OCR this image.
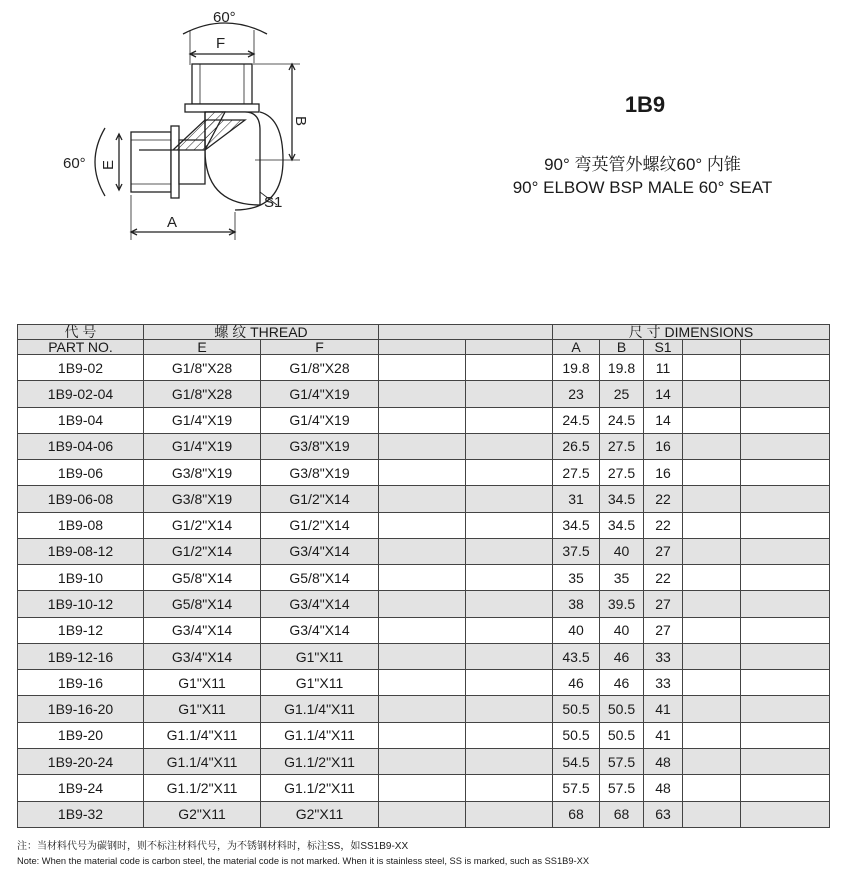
60°
F
B
60° E
A
S1
1B9
90° 弯英管外螺纹60° 内锥
90° ELBOW BSP MALE 60° SEAT
代 号	螺 纹 THREAD				尺 寸 DIMENSIONS				
PART NO.	E	F			A	B	S1		
1B9-02	G1/8"X28	G1/8"X28			19.8	19.8	11		
1B9-02-04	G1/8"X28	G1/4"X19			23	25	14		
1B9-04	G1/4"X19	G1/4"X19			24.5	24.5	14		
1B9-04-06	G1/4"X19	G3/8"X19			26.5	27.5	16		
1B9-06	G3/8"X19	G3/8"X19			27.5	27.5	16		
1B9-06-08	G3/8"X19	G1/2"X14			31	34.5	22		
1B9-08	G1/2"X14	G1/2"X14			34.5	34.5	22		
1B9-08-12	G1/2"X14	G3/4"X14			37.5	40	27		
1B9-10	G5/8"X14	G5/8"X14			35	35	22		
1B9-10-12	G5/8"X14	G3/4"X14			38	39.5	27		
1B9-12	G3/4"X14	G3/4"X14			40	40	27		
1B9-12-16	G3/4"X14	G1"X11			43.5	46	33		
1B9-16	G1"X11	G1"X11			46	46	33		
1B9-16-20	G1"X11	G1.1/4"X11			50.5	50.5	41		
1B9-20	G1.1/4"X11	G1.1/4"X11			50.5	50.5	41		
1B9-20-24	G1.1/4"X11	G1.1/2"X11			54.5	57.5	48		
1B9-24	G1.1/2"X11	G1.1/2"X11			57.5	57.5	48		
1B9-32	G2"X11	G2"X11			68	68	63		
注：当材料代号为碳钢时，则不标注材料代号，为不锈钢材料时，标注SS，如SS1B9-XX
Note: When the material code is carbon steel, the material code is not marked. When it is stainless steel, SS is marked, such as SS1B9-XX
